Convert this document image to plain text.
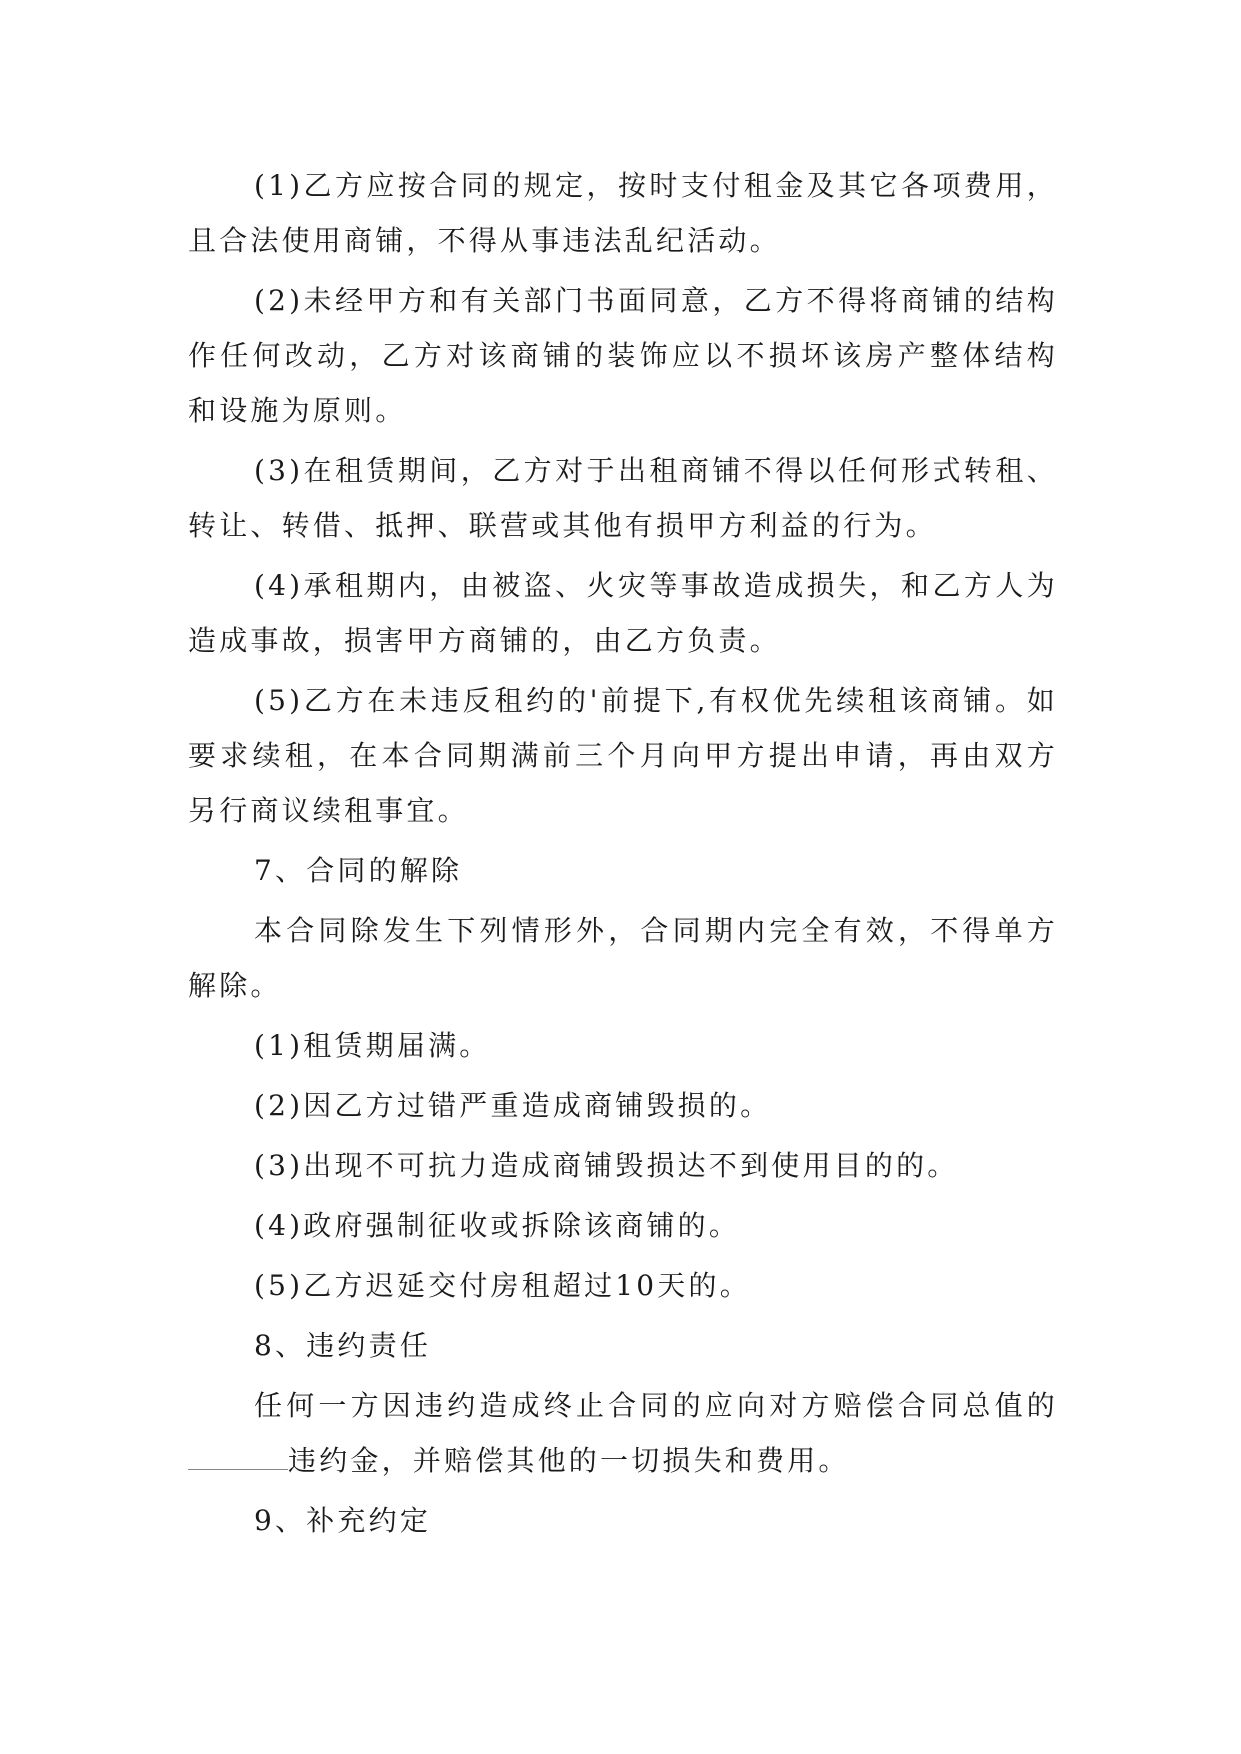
(1)乙方应按合同的规定，按时支付租金及其它各项费用，且合法使用商铺，不得从事违法乱纪活动。

(2)未经甲方和有关部门书面同意，乙方不得将商铺的结构作任何改动，乙方对该商铺的装饰应以不损坏该房产整体结构和设施为原则。

(3)在租赁期间，乙方对于出租商铺不得以任何形式转租、转让、转借、抵押、联营或其他有损甲方利益的行为。

(4)承租期内，由被盗、火灾等事故造成损失，和乙方人为造成事故，损害甲方商铺的，由乙方负责。

(5)乙方在未违反租约的'前提下,有权优先续租该商铺。如要求续租，在本合同期满前三个月向甲方提出申请，再由双方另行商议续租事宜。

7、合同的解除

本合同除发生下列情形外，合同期内完全有效，不得单方解除。

(1)租赁期届满。

(2)因乙方过错严重造成商铺毁损的。

(3)出现不可抗力造成商铺毁损达不到使用目的的。

(4)政府强制征收或拆除该商铺的。

(5)乙方迟延交付房租超过10天的。

8、违约责任

任何一方因违约造成终止合同的应向对方赔偿合同总值的违约金，并赔偿其他的一切损失和费用。

9、补充约定
